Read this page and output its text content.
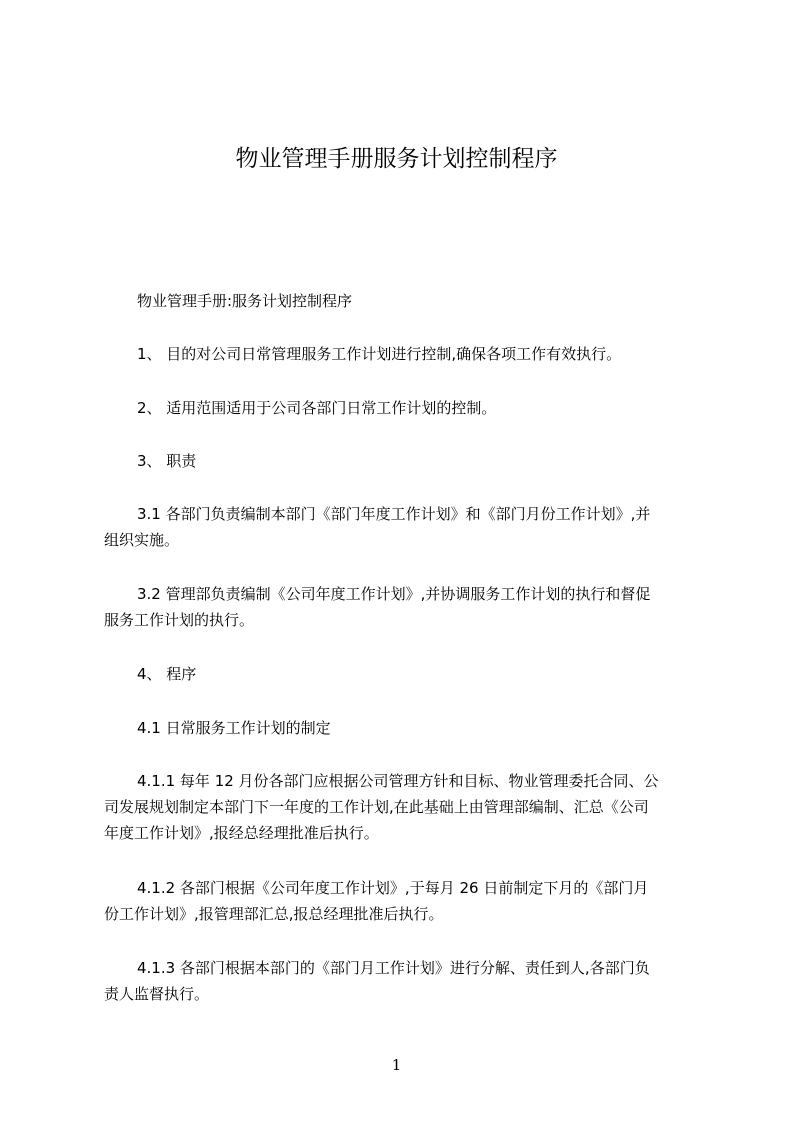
物业管理手册服务计划控制程序

物业管理手册:服务计划控制程序

1、 目的对公司日常管理服务工作计划进行控制,确保各项工作有效执行。

2、 适用范围适用于公司各部门日常工作计划的控制。

3、 职责

3.1 各部门负责编制本部门《部门年度工作计划》和《部门月份工作计划》,并
组织实施。

3.2 管理部负责编制《公司年度工作计划》,并协调服务工作计划的执行和督促
服务工作计划的执行。

4、 程序

4.1 日常服务工作计划的制定

4.1.1 每年 12 月份各部门应根据公司管理方针和目标、物业管理委托合同、公
司发展规划制定本部门下一年度的工作计划,在此基础上由管理部编制、汇总《公司
年度工作计划》,报经总经理批准后执行。

4.1.2 各部门根据《公司年度工作计划》,于每月 26 日前制定下月的《部门月
份工作计划》,报管理部汇总,报总经理批准后执行。

4.1.3 各部门根据本部门的《部门月工作计划》进行分解、责任到人,各部门负
责人监督执行。

1
